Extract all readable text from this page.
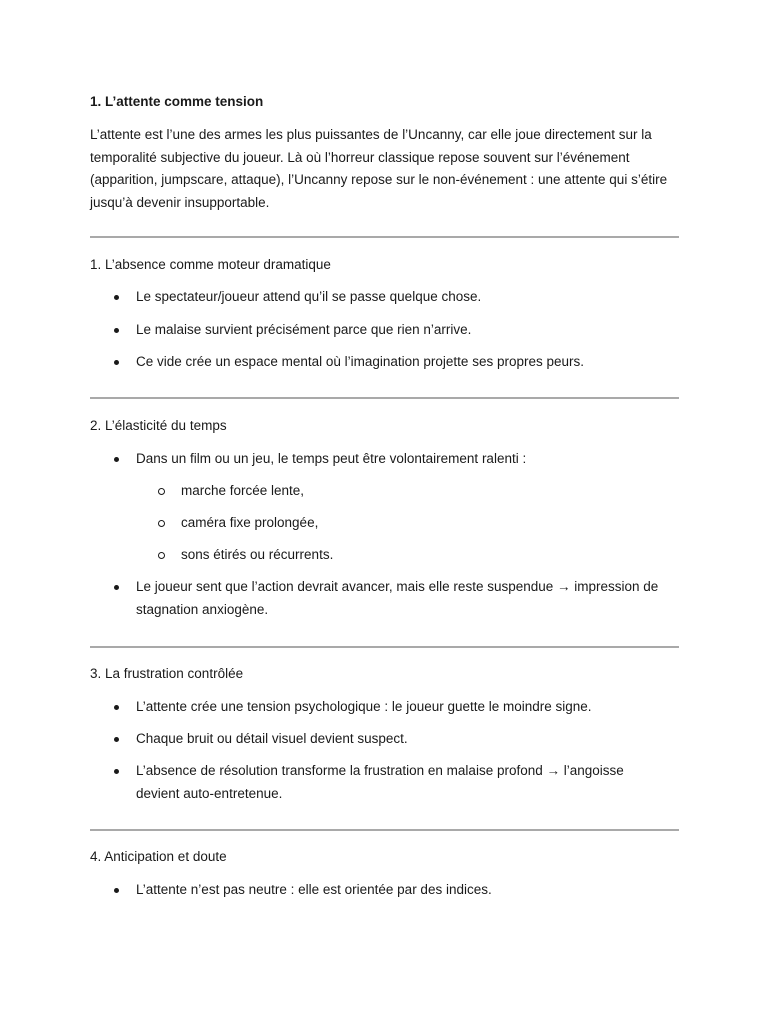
1. L’attente comme tension

L’attente est l’une des armes les plus puissantes de l’Uncanny, car elle joue directement sur la temporalité subjective du joueur. Là où l’horreur classique repose souvent sur l’événement (apparition, jumpscare, attaque), l’Uncanny repose sur le non-événement : une attente qui s’étire jusqu’à devenir insupportable.

1. L’absence comme moteur dramatique
Le spectateur/joueur attend qu’il se passe quelque chose.
Le malaise survient précisément parce que rien n’arrive.
Ce vide crée un espace mental où l’imagination projette ses propres peurs.
2. L’élasticité du temps
Dans un film ou un jeu, le temps peut être volontairement ralenti :
marche forcée lente,
caméra fixe prolongée,
sons étirés ou récurrents.
Le joueur sent que l’action devrait avancer, mais elle reste suspendue → impression de stagnation anxiogène.
3. La frustration contrôlée
L’attente crée une tension psychologique : le joueur guette le moindre signe.
Chaque bruit ou détail visuel devient suspect.
L’absence de résolution transforme la frustration en malaise profond → l’angoisse devient auto-entretenue.
4. Anticipation et doute
L’attente n’est pas neutre : elle est orientée par des indices.
